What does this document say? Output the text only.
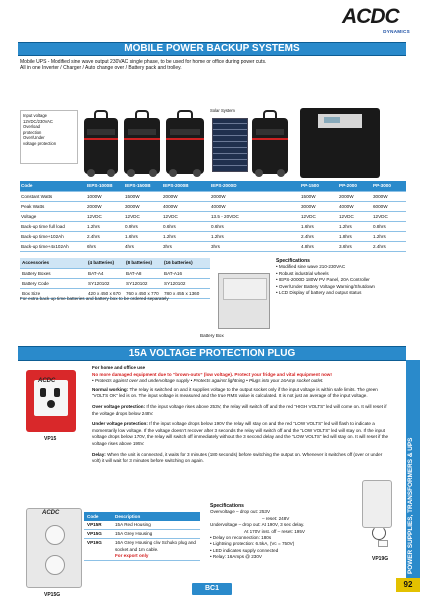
ACDC
DYNAMICS
MOBILE POWER BACKUP SYSTEMS
Mobile UPS - Modified sine wave output 230VAC single phase, to be used for home or office during power cuts.
All in one Inverter / Charger / Auto change over / Battery pack and trolley.
Input voltage
12VDC/230VAC
Overload
protection
Over/Under
voltage protection
Solar System
Code	IEPS-1000B	IEPS-1500B	IEPS-2000B	IEPS-2000D	PP-1500	PP-2000	PP-3000
Constant Watts	1000W	1500W	2000W	2000W	1500W	2000W	3000W
Peak Watts	2000W	3000W	4000W	4000W	3000W	4000W	6000W
Voltage	12VDC	12VDC	12VDC	13.5 - 20VDC	12VDC	12VDC	12VDC
Back-up time full load	1.2hrs	0.9hrs	0.6hrs	0.6hrs	1.6hrs	1.2hrs	0.8hrs
Back-up time+102Ah	2.4hrs	1.6hrs	1.2hrs	1.2hrs	2.4hrs	1.8hrs	1.2hrs
Back-up time+4x102Ah	6hrs	4hrs	3hrs	3hrs	4.8hrs	3.6hrs	2.4hrs
Accessories	(4 batteries)	(8 batteries)	(16 batteries)
Battery Boxes	BAT-A4	BAT-A8	BAT-A16
Battery Code	SY120102	SY120102	SY120102
Box Size	420 x 450 x 670	760 x 450 x 770	780 x 455 x 1360
For extra back up time batteries and battery box to be ordered separately
Battery Box
Specifications
• Modified sine wave 210-230VAC
• Robust industrial wheels
• IEPS-2000D 180W PV Panel, 20A Controller
• Over/Under Battery Voltage Warning/Shutdown
• LCD Display of battery and output status
15A VOLTAGE PROTECTION PLUG
ACDC
VP15
ACDC
VP15G
VP19G
For home and office use
No more damaged equipment due to “brown-outs” (low voltage). Protect your fridge and vital equipment now!
• Protects against over and undervoltage supply • Protects against lightning • Plugs into your 16Amp socket outlet.

Normal working: The relay is switched on and it supplies voltage to the output socket only if the input voltage is within safe limits. The green “VOLTS OK” led is on. The input voltage is measured and the true RMS value is calculated. It is not just an average of the input voltage.

Over voltage protection: If the input voltage rises above 253V, the relay will switch off and the red “HIGH VOLTS” led will come on. It will reset if the voltage drops below 248V.

Under voltage protection: If the input voltage drops below 190V the relay will stay on and the red “LOW VOLTS” led will flash to indicate a momentarily low voltage. If the voltage doesn’t recover after 3 seconds the relay will switch off and the “LOW VOLTS” led will stay on. If the input voltage drops below 170V, the relay will switch off immediately without the 3 second delay and the “LOW VOLTS” led will stay on. It will reset if the voltage rises above 195V.

Delay: When the unit is connected, it waits for 3 minutes (180 seconds) before switching the output on. Whenever it switches off (over or under volt) it will wait for 3 minutes before switching on again.

Code	Description
VP15R	15A Red Housing
VP15G	15A Grey Housing
VP19G	16A Grey Housing c/w Schuko plug and socket and 1m cable.
For export only
Specifications
Overvoltage – drop out: 253V
– reset: 248V
Undervoltage – drop out: At 190V, 3 sec delay.
At 170V inst. off – reset: 195V
• Delay on reconnection: 180s
• Lightning protection: 6.5kA, (Vc = 750V)
• LED indicates supply connected
• Relay: 16Amps @ 230V	POWER SUPPLIES, TRANSFORMERS & UPS
92
BC1
